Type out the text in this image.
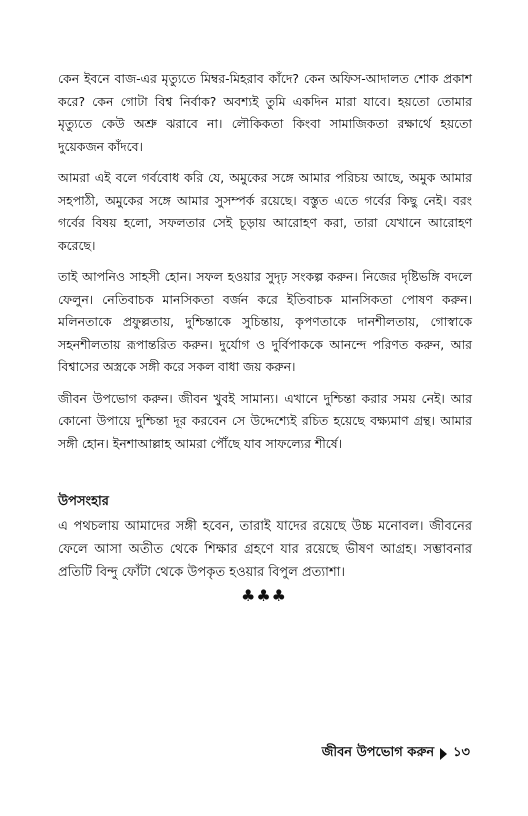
কেন ইবনে বাজ-এর মৃত্যুতে মিম্বর-মিহরাব কাঁদে? কেন অফিস-আদালত শোক প্রকাশ করে? কেন গোটা বিশ্ব নির্বাক? অবশ্যই তুমি একদিন মারা যাবে। হয়তো তোমার মৃত্যুতে কেউ অশ্রু ঝরাবে না। লৌকিকতা কিংবা সামাজিকতা রক্ষার্থে হয়তো দুয়েকজন কাঁদবে।

আমরা এই বলে গর্ববোধ করি যে, অমুকের সঙ্গে আমার পরিচয় আছে, অমুক আমার সহপাঠী, অমুকের সঙ্গে আমার সুসম্পর্ক রয়েছে। বস্তুত এতে গর্বের কিছু নেই। বরং গর্বের বিষয় হলো, সফলতার সেই চূড়ায় আরোহণ করা, তারা যেখানে আরোহণ করেছে।

তাই আপনিও সাহসী হোন। সফল হওয়ার সুদৃঢ় সংকল্প করুন। নিজের দৃষ্টিভঙ্গি বদলে ফেলুন। নেতিবাচক মানসিকতা বর্জন করে ইতিবাচক মানসিকতা পোষণ করুন। মলিনতাকে প্রফুল্লতায়, দুশ্চিন্তাকে সুচিন্তায়, কৃপণতাকে দানশীলতায়, গোস্বাকে সহনশীলতায় রূপান্তরিত করুন। দুর্যোগ ও দুর্বিপাককে আনন্দে পরিণত করুন, আর বিশ্বাসের অস্ত্রকে সঙ্গী করে সকল বাধা জয় করুন।

জীবন উপভোগ করুন। জীবন খুবই সামান্য। এখানে দুশ্চিন্তা করার সময় নেই। আর কোনো উপায়ে দুশ্চিন্তা দূর করবেন সে উদ্দেশ্যেই রচিত হয়েছে বক্ষ্যমাণ গ্রন্থ। আমার সঙ্গী হোন। ইনশাআল্লাহ আমরা পৌঁছে যাব সাফল্যের শীর্ষে।

উপসংহার

এ পথচলায় আমাদের সঙ্গী হবেন, তারাই যাদের রয়েছে উচ্চ মনোবল। জীবনের ফেলে আসা অতীত থেকে শিক্ষার গ্রহণে যার রয়েছে ভীষণ আগ্রহ। সম্ভাবনার প্রতিটি বিন্দু ফোঁটা থেকে উপকৃত হওয়ার বিপুল প্রত্যাশা।

♣♣♣
জীবন উপভোগ করুন ১৩
